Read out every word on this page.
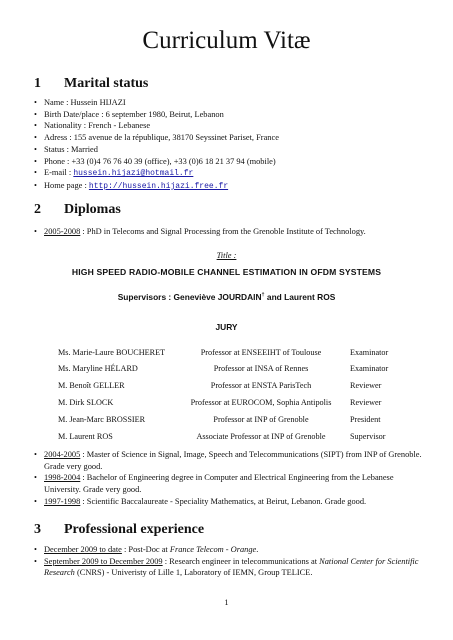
Curriculum Vitæ
1 Marital status
• Name : Hussein HIJAZI
• Birth Date/place : 6 september 1980, Beirut, Lebanon
• Nationality : French - Lebanese
• Adress : 155 avenue de la république, 38170 Seyssinet Pariset, France
• Status : Married
• Phone : +33 (0)4 76 76 40 39 (office), +33 (0)6 18 21 37 94 (mobile)
• E-mail : hussein.hijazi@hotmail.fr
• Home page : http://hussein.hijazi.free.fr
2 Diplomas
• 2005-2008 : PhD in Telecoms and Signal Processing from the Grenoble Institute of Technology.
Title :
HIGH SPEED RADIO-MOBILE CHANNEL ESTIMATION IN OFDM SYSTEMS
Supervisors : Geneviève JOURDAIN† and Laurent ROS
JURY
Ms. Marie-Laure BOUCHERET	Professor at ENSEEIHT of Toulouse	Examinator
Ms. Maryline HÉLARD	Professor at INSA of Rennes	Examinator
M. Benoît GELLER	Professor at ENSTA ParisTech	Reviewer
M. Dirk SLOCK	Professor at EUROCOM, Sophia Antipolis	Reviewer
M. Jean-Marc BROSSIER	Professor at INP of Grenoble	President
M. Laurent ROS	Associate Professor at INP of Grenoble	Supervisor
• 2004-2005 : Master of Science in Signal, Image, Speech and Telecommunications (SIPT) from INP of Grenoble. Grade very good.
• 1998-2004 : Bachelor of Engineering degree in Computer and Electrical Engineering from the Lebanese University. Grade very good.
• 1997-1998 : Scientific Baccalaureate - Speciality Mathematics, at Beirut, Lebanon. Grade good.
3 Professional experience
• December 2009 to date : Post-Doc at France Telecom - Orange.
• September 2009 to December 2009 : Research engineer in telecommunications at National Center for Scientific Research (CNRS) - Univeristy of Lille 1, Laboratory of IEMN, Group TELICE.
1
